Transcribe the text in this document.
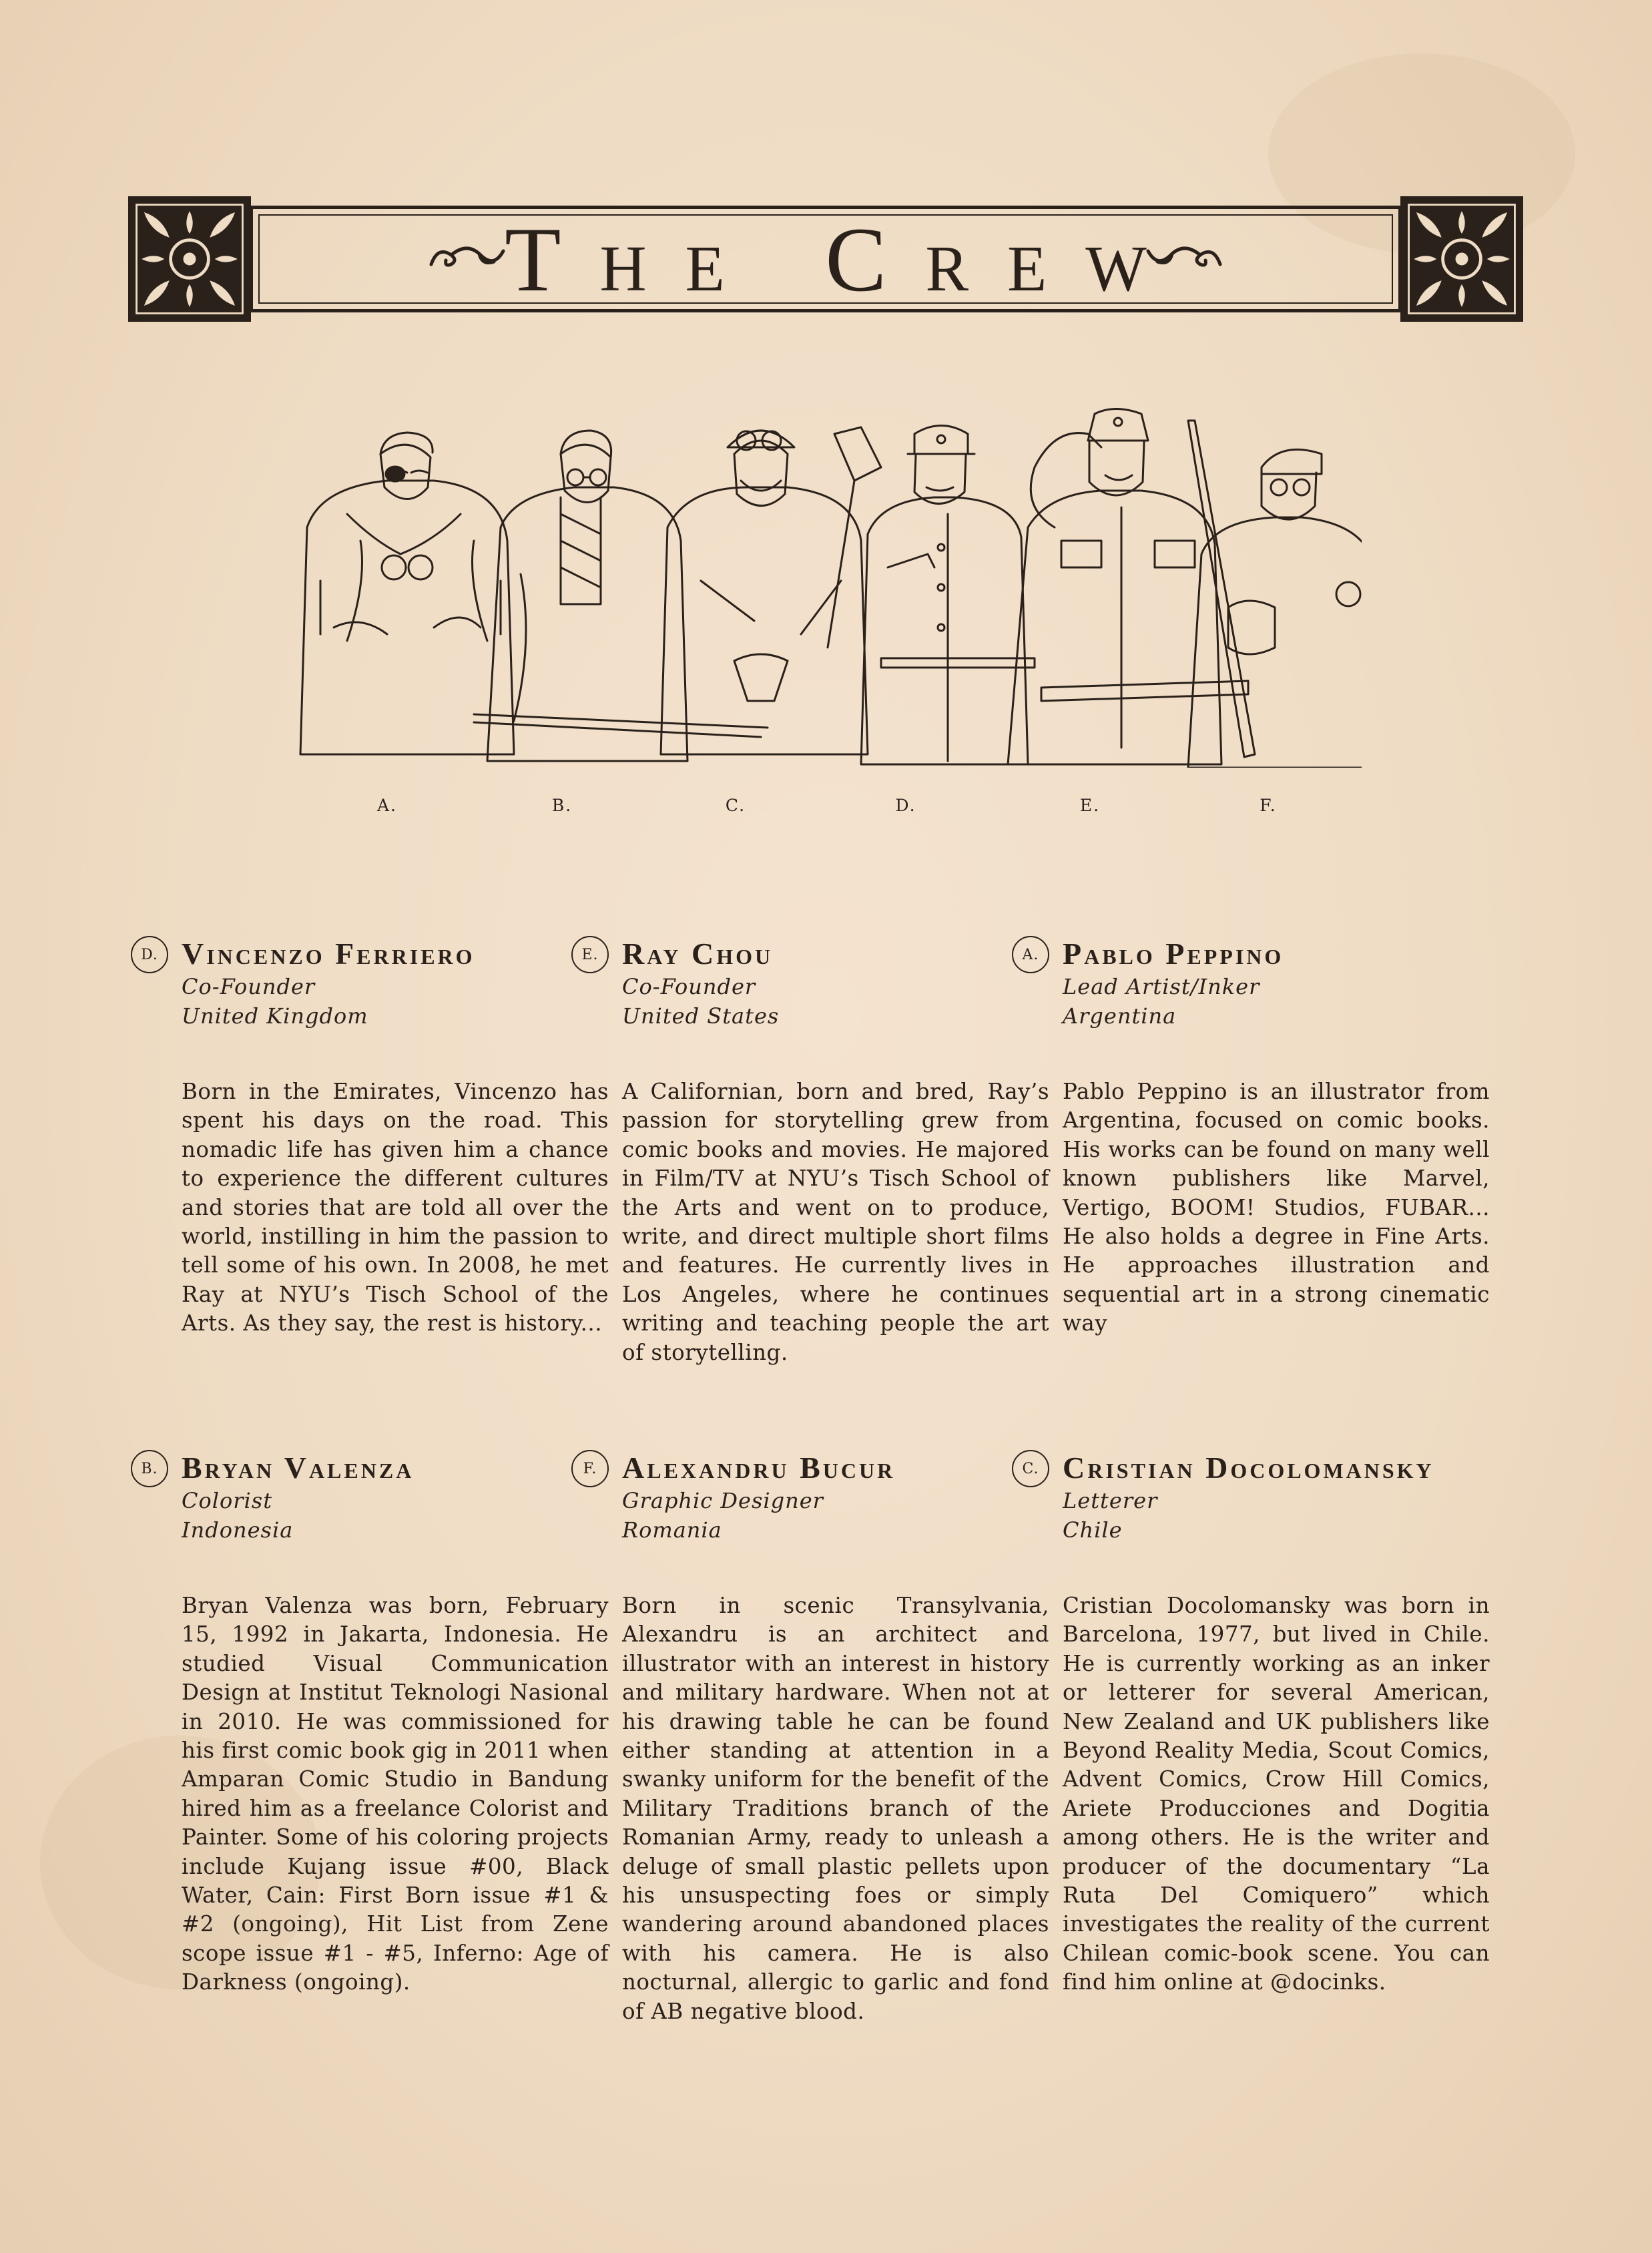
The Crew
A.	B.	C.	D.	E.	F.
D. Vincenzo Ferriero
Co-Founder
United Kingdom
Born in the Emirates, Vincenzo has spent his days on the road. This nomadic life has given him a chance to experience the different cultures and stories that are told all over the world, instilling in him the passion to tell some of his own. In 2008, he met Ray at NYU’s Tisch School of the Arts. As they say, the rest is history...
E. Ray Chou
Co-Founder
United States
A Californian, born and bred, Ray’s passion for storytelling grew from comic books and movies. He majored in Film/TV at NYU’s Tisch School of the Arts and went on to produce, write, and direct multiple short films and features. He currently lives in Los Angeles, where he continues writing and teaching people the art of storytelling.
A. Pablo Peppino
Lead Artist/Inker
Argentina
Pablo Peppino is an illustrator from Argentina, focused on comic books. His works can be found on many well known publishers like Marvel, Vertigo, BOOM! Studios, FUBAR... He also holds a degree in Fine Arts. He approaches illustration and sequential art in a strong cinematic way
B. Bryan Valenza
Colorist
Indonesia
Bryan Valenza was born, February 15, 1992 in Jakarta, Indonesia. He studied Visual Communication Design at Institut Teknologi Nasional in 2010. He was commissioned for his first comic book gig in 2011 when Amparan Comic Studio in Bandung hired him as a freelance Colorist and Painter. Some of his coloring projects include Kujang issue #00, Black Water, Cain: First Born issue #1 & #2 (ongoing), Hit List from Zene scope issue #1 - #5, Inferno: Age of Darkness (ongoing).
F. Alexandru Bucur
Graphic Designer
Romania
Born in scenic Transylvania, Alexandru is an architect and illustrator with an interest in history and military hardware. When not at his drawing table he can be found either standing at attention in a swanky uniform for the benefit of the Military Traditions branch of the Romanian Army, ready to unleash a deluge of small plastic pellets upon his unsuspecting foes or simply wandering around abandoned places with his camera. He is also nocturnal, allergic to garlic and fond of AB negative blood.
C. Cristian Docolomansky
Letterer
Chile
Cristian Docolomansky was born in Barcelona, 1977, but lived in Chile. He is currently working as an inker or letterer for several American, New Zealand and UK publishers like Beyond Reality Media, Scout Comics, Advent Comics, Crow Hill Comics, Ariete Producciones and Dogitia among others. He is the writer and producer of the documentary “La Ruta Del Comiquero” which investigates the reality of the current Chilean comic-book scene. You can find him online at @docinks.
